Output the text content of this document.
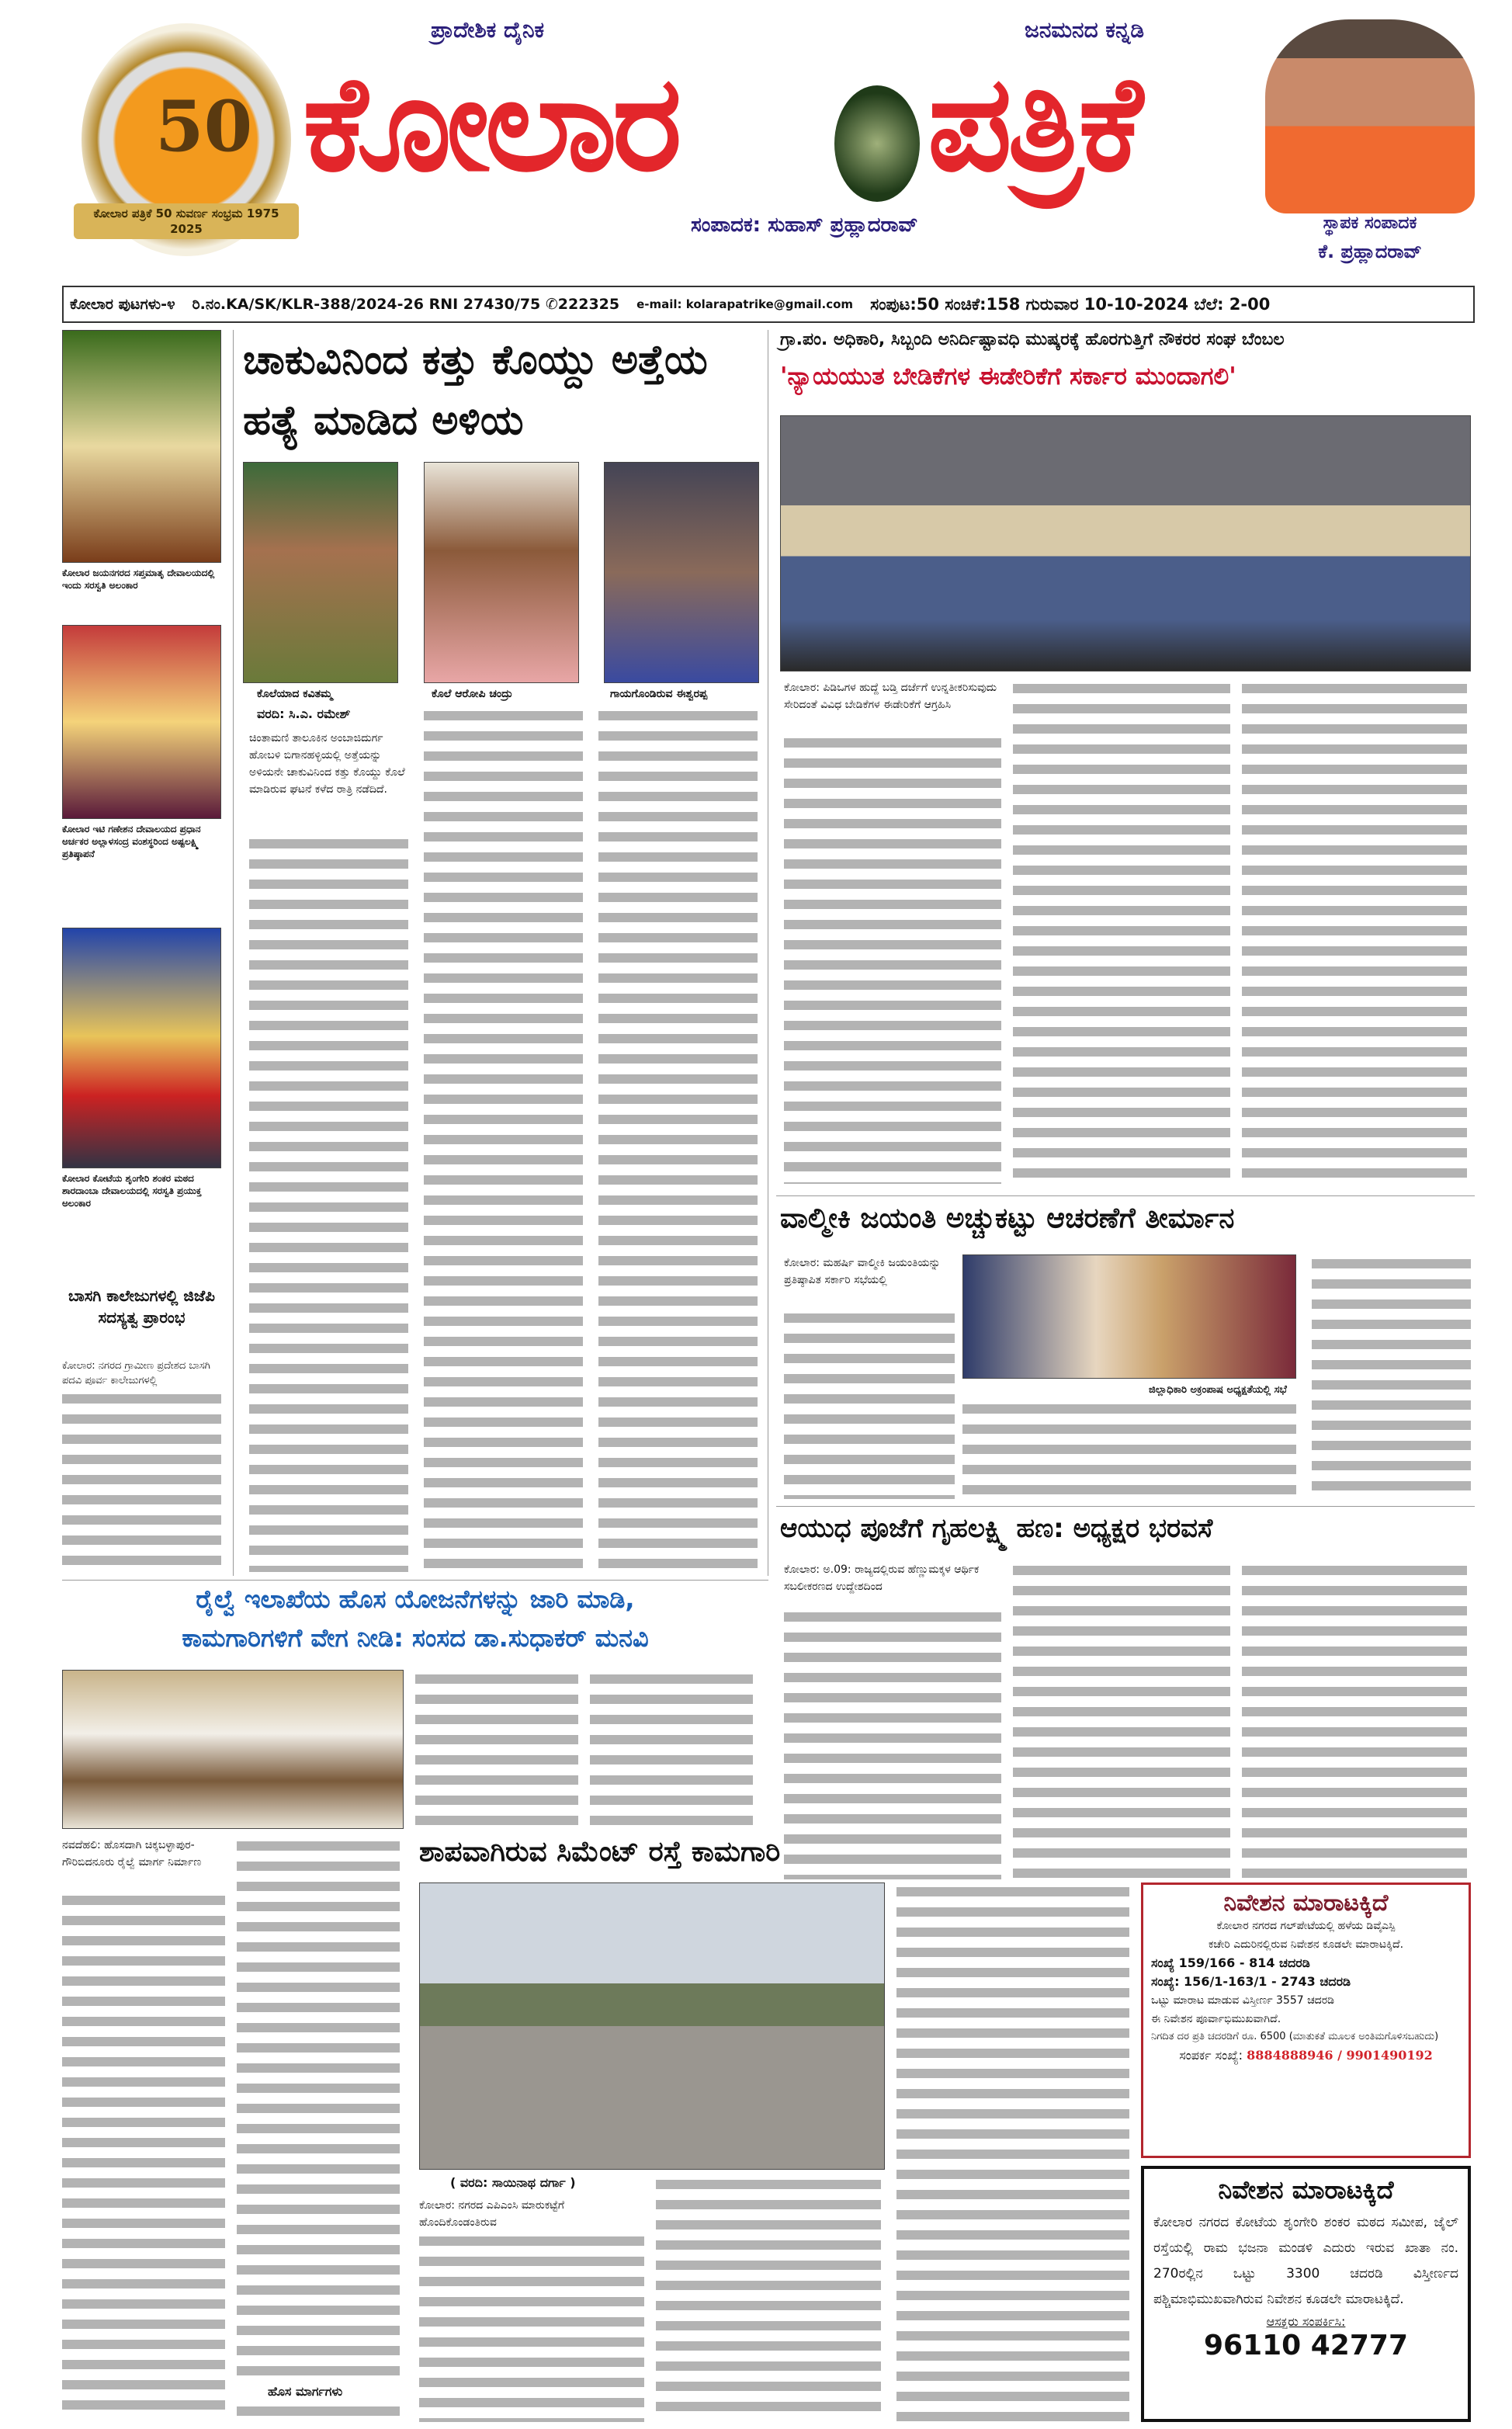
50
ಕೋಲಾರ ಪತ್ರಿಕೆ 50 ಸುವರ್ಣ ಸಂಭ್ರಮ 1975 2025
ಪ್ರಾದೇಶಿಕ ದೈನಿಕ	ಜನಮನದ ಕನ್ನಡಿ
ಕೋಲಾರ ಪತ್ರಿಕೆ
ಸಂಪಾದಕ: ಸುಹಾಸ್ ಪ್ರಹ್ಲಾದರಾವ್	ಸ್ಥಾಪಕ ಸಂಪಾದಕ
ಕೆ. ಪ್ರಹ್ಲಾದರಾವ್
ಕೋಲಾರ ಪುಟಗಳು-೪ ರಿ.ನಂ.KA/SK/KLR-388/2024-26 RNI 27430/75 ✆222325 e-mail: kolarapatrike@gmail.com ಸಂಪುಟ:50 ಸಂಚಿಕೆ:158 ಗುರುವಾರ 10-10-2024 ಬೆಲೆ: 2-00
ಕೋಲಾರ ಜಯನಗರದ ಸಪ್ತಮಾತೃ ದೇವಾಲಯದಲ್ಲಿ ಇಂದು ಸರಸ್ವತಿ ಅಲಂಕಾರ
ಕೋಲಾರ ಇಟಿ ಗಣೇಶನ ದೇವಾಲಯದ ಪ್ರಧಾನ ಅರ್ಚಕರ ಅಲ್ಲಾಳಸಂದ್ರ ವಂಶಸ್ಥರಿಂದ ಅಷ್ಟಲಕ್ಷ್ಮಿ ಪ್ರತಿಷ್ಠಾಪನೆ
ಕೋಲಾರ ಕೋಟೆಯ ಶೃಂಗೇರಿ ಶಂಕರ ಮಠದ ಶಾರದಾಂಬಾ ದೇವಾಲಯದಲ್ಲಿ ಸರಸ್ವತಿ ಪ್ರಯುಕ್ತ ಅಲಂಕಾರ
ಬಾಸಗಿ ಕಾಲೇಜುಗಳಲ್ಲಿ ಜಿಜೆಪಿ ಸದಸ್ಯತ್ವ ಪ್ರಾರಂಭ
ಕೋಲಾರ: ನಗರದ ಗ್ರಾಮೀಣ ಪ್ರದೇಶದ ಬಾಸಗಿ ಪದವಿ ಪೂರ್ವ ಕಾಲೇಜುಗಳಲ್ಲಿ
ಚಾಕುವಿನಿಂದ ಕತ್ತು ಕೊಯ್ದು ಅತ್ತೆಯ ಹತ್ಯೆ ಮಾಡಿದ ಅಳಿಯ
ಕೊಲೆಯಾದ ಕವಿತಮ್ಮ	ಕೊಲೆ ಆರೋಪಿ ಚಂದ್ರು	ಗಾಯಗೊಂಡಿರುವ ಈಶ್ವರಪ್ಪ
ವರದಿ: ಸಿ.ಎ. ರಮೇಶ್
ಚಿಂತಾಮಣಿ ತಾಲೂಕಿನ ಅಂಬಾಜಿದುರ್ಗ ಹೋಬಳಿ ಬಿಗಾನಹಳ್ಳಿಯಲ್ಲಿ ಅತ್ತೆಯನ್ನು ಅಳಿಯನೇ ಚಾಕುವಿನಿಂದ ಕತ್ತು ಕೊಯ್ದು ಕೊಲೆ ಮಾಡಿರುವ ಘಟನೆ ಕಳೆದ ರಾತ್ರಿ ನಡೆದಿದೆ.
ಗ್ರಾ.ಪಂ. ಅಧಿಕಾರಿ, ಸಿಬ್ಬಂದಿ ಅನಿರ್ದಿಷ್ಟಾವಧಿ ಮುಷ್ಕರಕ್ಕೆ ಹೊರಗುತ್ತಿಗೆ ನೌಕರರ ಸಂಘ ಬೆಂಬಲ
'ನ್ಯಾಯಯುತ ಬೇಡಿಕೆಗಳ ಈಡೇರಿಕೆಗೆ ಸರ್ಕಾರ ಮುಂದಾಗಲಿ'
ಕೋಲಾರ: ಪಿಡಿಒಗಳ ಹುದ್ದೆ ಬಡ್ತಿ ದರ್ಜೆಗೆ ಉನ್ನತೀಕರಿಸುವುದು ಸೇರಿದಂತೆ ವಿವಿಧ ಬೇಡಿಕೆಗಳ ಈಡೇರಿಕೆಗೆ ಆಗ್ರಹಿಸಿ
ವಾಲ್ಮೀಕಿ ಜಯಂತಿ ಅಚ್ಚುಕಟ್ಟು ಆಚರಣೆಗೆ ತೀರ್ಮಾನ
ಕೋಲಾರ: ಮಹರ್ಷಿ ವಾಲ್ಮೀಕಿ ಜಯಂತಿಯನ್ನು ಪ್ರತಿಷ್ಠಾಪಿತ ಸರ್ಕಾರಿ ಸಭೆಯಲ್ಲಿ
ಜಿಲ್ಲಾಧಿಕಾರಿ ಅಕ್ರಂಪಾಷ ಅಧ್ಯಕ್ಷತೆಯಲ್ಲಿ ಸಭೆ
ಆಯುಧ ಪೂಜೆಗೆ ಗೃಹಲಕ್ಷ್ಮಿ ಹಣ: ಅಧ್ಯಕ್ಷರ ಭರವಸೆ
ಕೋಲಾರ: ಅ.09: ರಾಜ್ಯದಲ್ಲಿರುವ ಹೆಣ್ಣುಮಕ್ಕಳ ಆರ್ಥಿಕ ಸಬಲೀಕರಣದ ಉದ್ದೇಶದಿಂದ
ರೈಲ್ವೆ ಇಲಾಖೆಯ ಹೊಸ ಯೋಜನೆಗಳನ್ನು ಜಾರಿ ಮಾಡಿ,
ಕಾಮಗಾರಿಗಳಿಗೆ ವೇಗ ನೀಡಿ: ಸಂಸದ ಡಾ.ಸುಧಾಕರ್ ಮನವಿ
ನವದೆಹಲಿ: ಹೊಸದಾಗಿ ಚಿಕ್ಕಬಳ್ಳಾಪುರ-ಗೌರಿಬಿದನೂರು ರೈಲ್ವೆ ಮಾರ್ಗ ನಿರ್ಮಾಣ
ಹೊಸ ಮಾರ್ಗಗಳು
ಶಾಪವಾಗಿರುವ ಸಿಮೆಂಟ್ ರಸ್ತೆ ಕಾಮಗಾರಿ
( ವರದಿ: ಸಾಯಿನಾಥ ದರ್ಗಾ )
ಕೋಲಾರ: ನಗರದ ಎಪಿಎಂಸಿ ಮಾರುಕಟ್ಟೆಗೆ ಹೊಂದಿಕೊಂಡಂತಿರುವ
ನಿವೇಶನ ಮಾರಾಟಕ್ಕಿದೆ
ಕೋಲಾರ ನಗರದ ಗಲ್‌ಪೇಟೆಯಲ್ಲಿ ಹಳೆಯ ಡಿವೈಎಸ್ಪಿ
ಕಚೇರಿ ಎದುರಿನಲ್ಲಿರುವ ನಿವೇಶನ ಕೂಡಲೇ ಮಾರಾಟಕ್ಕಿದೆ.
ಸಂಖ್ಯೆ 159/166 - 814 ಚದರಡಿ
ಸಂಖ್ಯೆ: 156/1-163/1 - 2743 ಚದರಡಿ
ಒಟ್ಟು ಮಾರಾಟ ಮಾಡುವ ವಿಸ್ತೀರ್ಣ 3557 ಚದರಡಿ
ಈ ನಿವೇಶನ ಪೂರ್ವಾಭಿಮುಖವಾಗಿದೆ.
ನಿಗದಿತ ದರ ಪ್ರತಿ ಚದರಡಿಗೆ ರೂ. 6500 (ಮಾತುಕತೆ ಮೂಲಕ ಅಂತಿಮಗೊಳಿಸಬಹುದು)
ಸಂಪರ್ಕ ಸಂಖ್ಯೆ: 8884888946 / 9901490192
ನಿವೇಶನ ಮಾರಾಟಕ್ಕಿದೆ
ಕೋಲಾರ ನಗರದ ಕೋಟೆಯ ಶೃಂಗೇರಿ ಶಂಕರ ಮಠದ ಸಮೀಪ, ಜೈಲ್ ರಸ್ತೆಯಲ್ಲಿ ರಾಮ ಭಜನಾ ಮಂಡಳಿ ಎದುರು ಇರುವ ಖಾತಾ ನಂ. 270ರಲ್ಲಿನ ಒಟ್ಟು 3300 ಚದರಡಿ ವಿಸ್ತೀರ್ಣದ ಪಶ್ಚಿಮಾಭಿಮುಖವಾಗಿರುವ ನಿವೇಶನ ಕೂಡಲೇ ಮಾರಾಟಕ್ಕಿದೆ.
ಆಸಕ್ತರು ಸಂಪರ್ಕಿಸಿ:
96110 42777
